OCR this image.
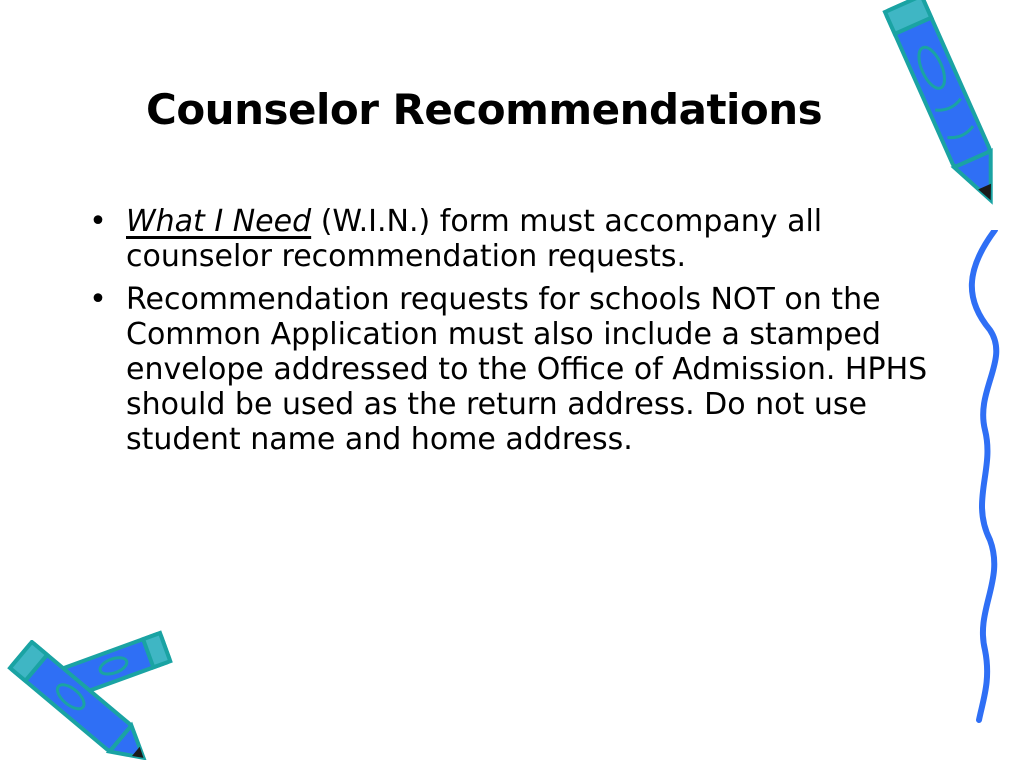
Counselor Recommendations
• What I Need (W.I.N.) form must accompany all counselor recommendation requests.
• Recommendation requests for schools NOT on the Common Application must also include a stamped envelope addressed to the Office of Admission. HPHS should be used as the return address. Do not use student name and home address.
